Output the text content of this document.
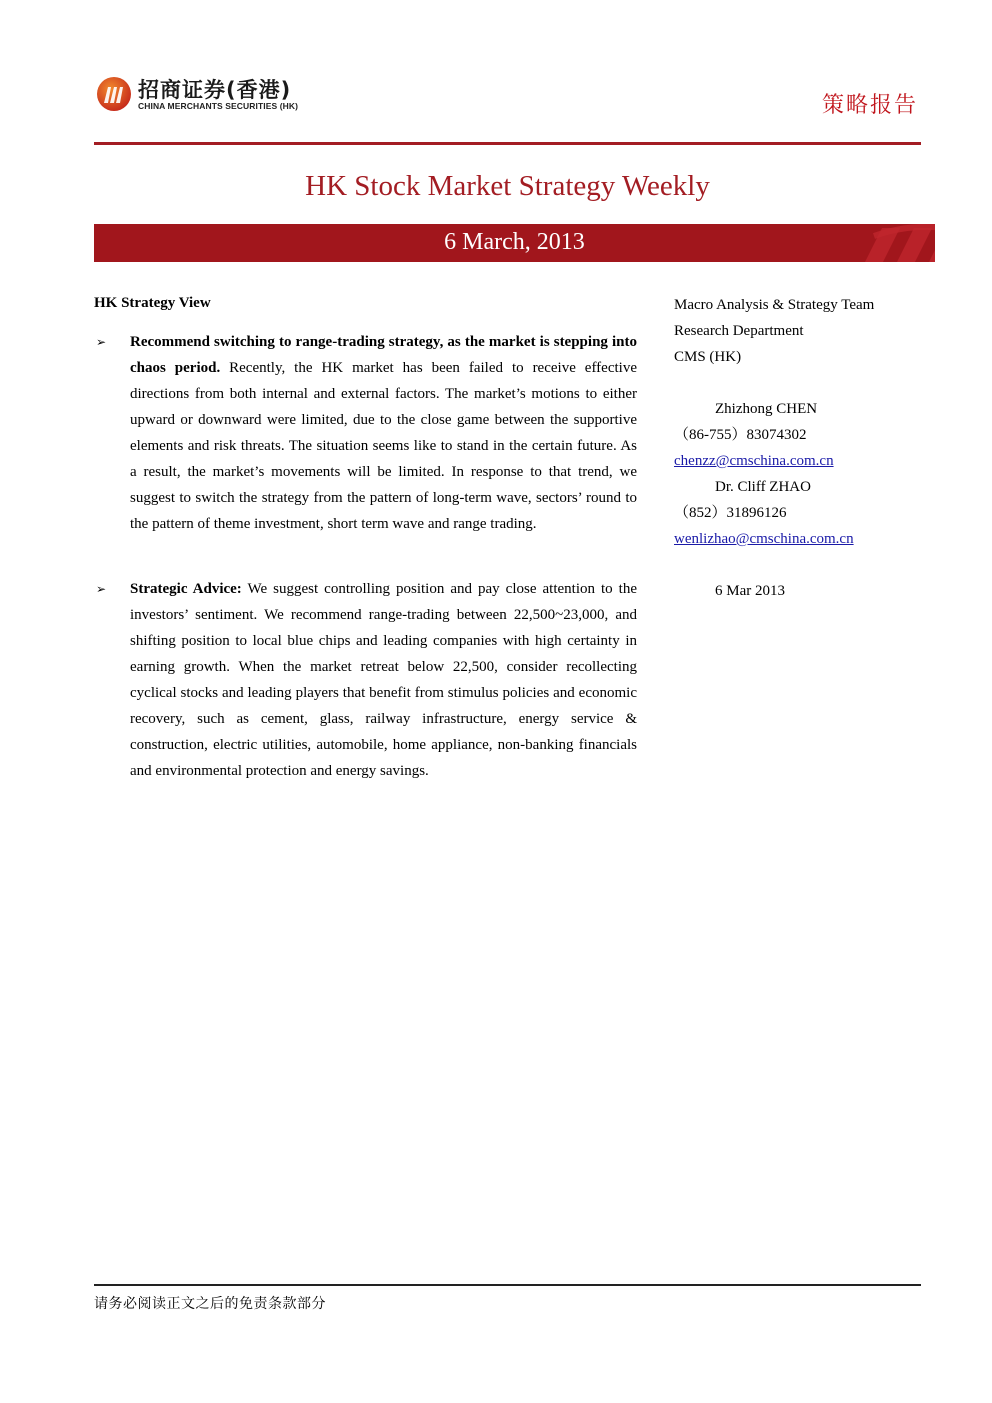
招商证券(香港)
CHINA MERCHANTS SECURITIES (HK)	策略报告
HK Stock Market Strategy Weekly
6 March, 2013
HK Strategy View
➢ Recommend switching to range-trading strategy, as the market is stepping into chaos period. Recently, the HK market has been failed to receive effective directions from both internal and external factors. The market’s motions to either upward or downward were limited, due to the close game between the supportive elements and risk threats. The situation seems like to stand in the certain future. As a result, the market’s movements will be limited. In response to that trend, we suggest to switch the strategy from the pattern of long-term wave, sectors’ round to the pattern of theme investment, short term wave and range trading.
➢ Strategic Advice: We suggest controlling position and pay close attention to the investors’ sentiment. We recommend range-trading between 22,500~23,000, and shifting position to local blue chips and leading companies with high certainty in earning growth. When the market retreat below 22,500, consider recollecting cyclical stocks and leading players that benefit from stimulus policies and economic recovery, such as cement, glass, railway infrastructure, energy service & construction, electric utilities, automobile, home appliance, non-banking financials and environmental protection and energy savings.
Macro Analysis & Strategy Team
Research Department
CMS (HK)
Zhizhong CHEN
（86-755）83074302
chenzz@cmschina.com.cn
Dr. Cliff ZHAO
（852）31896126
wenlizhao@cmschina.com.cn
6 Mar 2013
请务必阅读正文之后的免责条款部分
